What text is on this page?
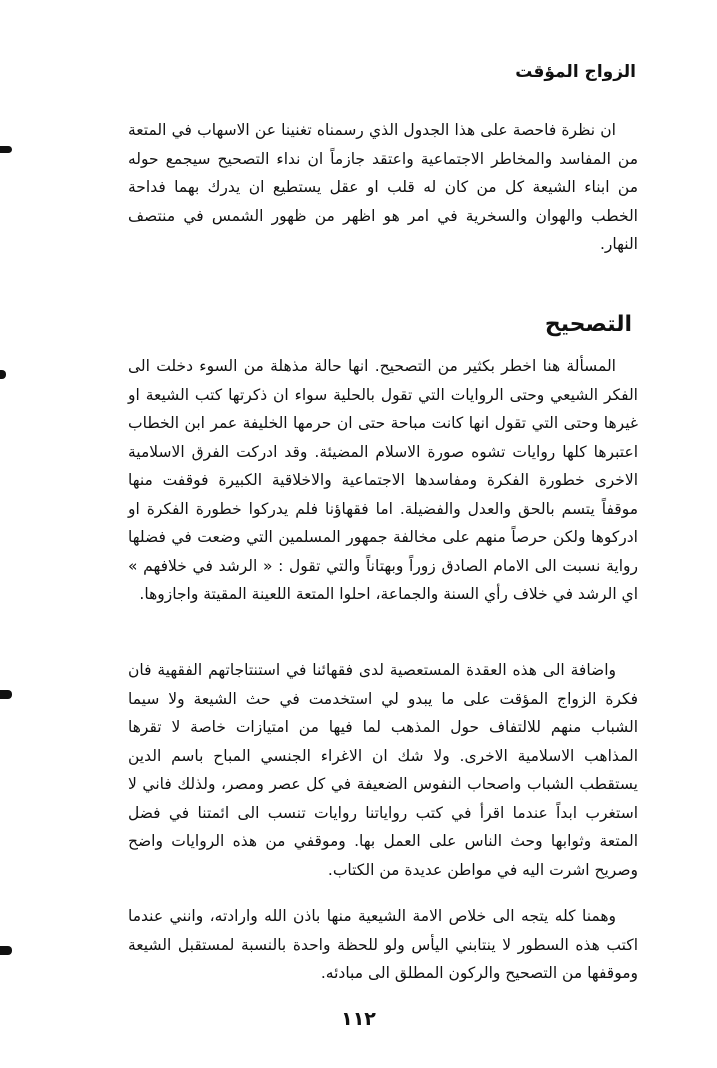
الزواج المؤقت

ان نظرة فاحصة على هذا الجدول الذي رسمناه تغنينا عن الاسهاب في المتعة من المفاسد والمخاطر الاجتماعية واعتقد جازماً ان نداء التصحيح سيجمع حوله من ابناء الشيعة كل من كان له قلب او عقل يستطيع ان يدرك بهما فداحة الخطب والهوان والسخرية في امر هو اظهر من ظهور الشمس في منتصف النهار.

التصحيح

المسألة هنا اخطر بكثير من التصحيح. انها حالة مذهلة من السوء دخلت الى الفكر الشيعي وحتى الروايات التي تقول بالحلية سواء ان ذكرتها كتب الشيعة او غيرها وحتى التي تقول انها كانت مباحة حتى ان حرمها الخليفة عمر ابن الخطاب اعتبرها كلها روايات تشوه صورة الاسلام المضيئة. وقد ادركت الفرق الاسلامية الاخرى خطورة الفكرة ومفاسدها الاجتماعية والاخلاقية الكبيرة فوقفت منها موقفاً يتسم بالحق والعدل والفضيلة. اما فقهاؤنا فلم يدركوا خطورة الفكرة او ادركوها ولكن حرصاً منهم على مخالفة جمهور المسلمين التي وضعت في فضلها رواية نسبت الى الامام الصادق زوراً وبهتاناً والتي تقول : « الرشد في خلافهم » اي الرشد في خلاف رأي السنة والجماعة، احلوا المتعة اللعينة المقيتة واجازوها.

واضافة الى هذه العقدة المستعصية لدى فقهائنا في استنتاجاتهم الفقهية فان فكرة الزواج المؤقت على ما يبدو لي استخدمت في حث الشيعة ولا سيما الشباب منهم للالتفاف حول المذهب لما فيها من امتيازات خاصة لا تقرها المذاهب الاسلامية الاخرى. ولا شك ان الاغراء الجنسي المباح باسم الدين يستقطب الشباب واصحاب النفوس الضعيفة في كل عصر ومصر، ولذلك فاني لا استغرب ابداً عندما اقرأ في كتب رواياتنا روايات تنسب الى ائمتنا في فضل المتعة وثوابها وحث الناس على العمل بها. وموقفي من هذه الروايات واضح وصريح اشرت اليه في مواطن عديدة من الكتاب.

وهمنا كله يتجه الى خلاص الامة الشيعية منها باذن الله وارادته، وانني عندما اكتب هذه السطور لا ينتابني اليأس ولو للحظة واحدة بالنسبة لمستقبل الشيعة وموقفها من التصحيح والركون المطلق الى مبادئه.

١١٢
